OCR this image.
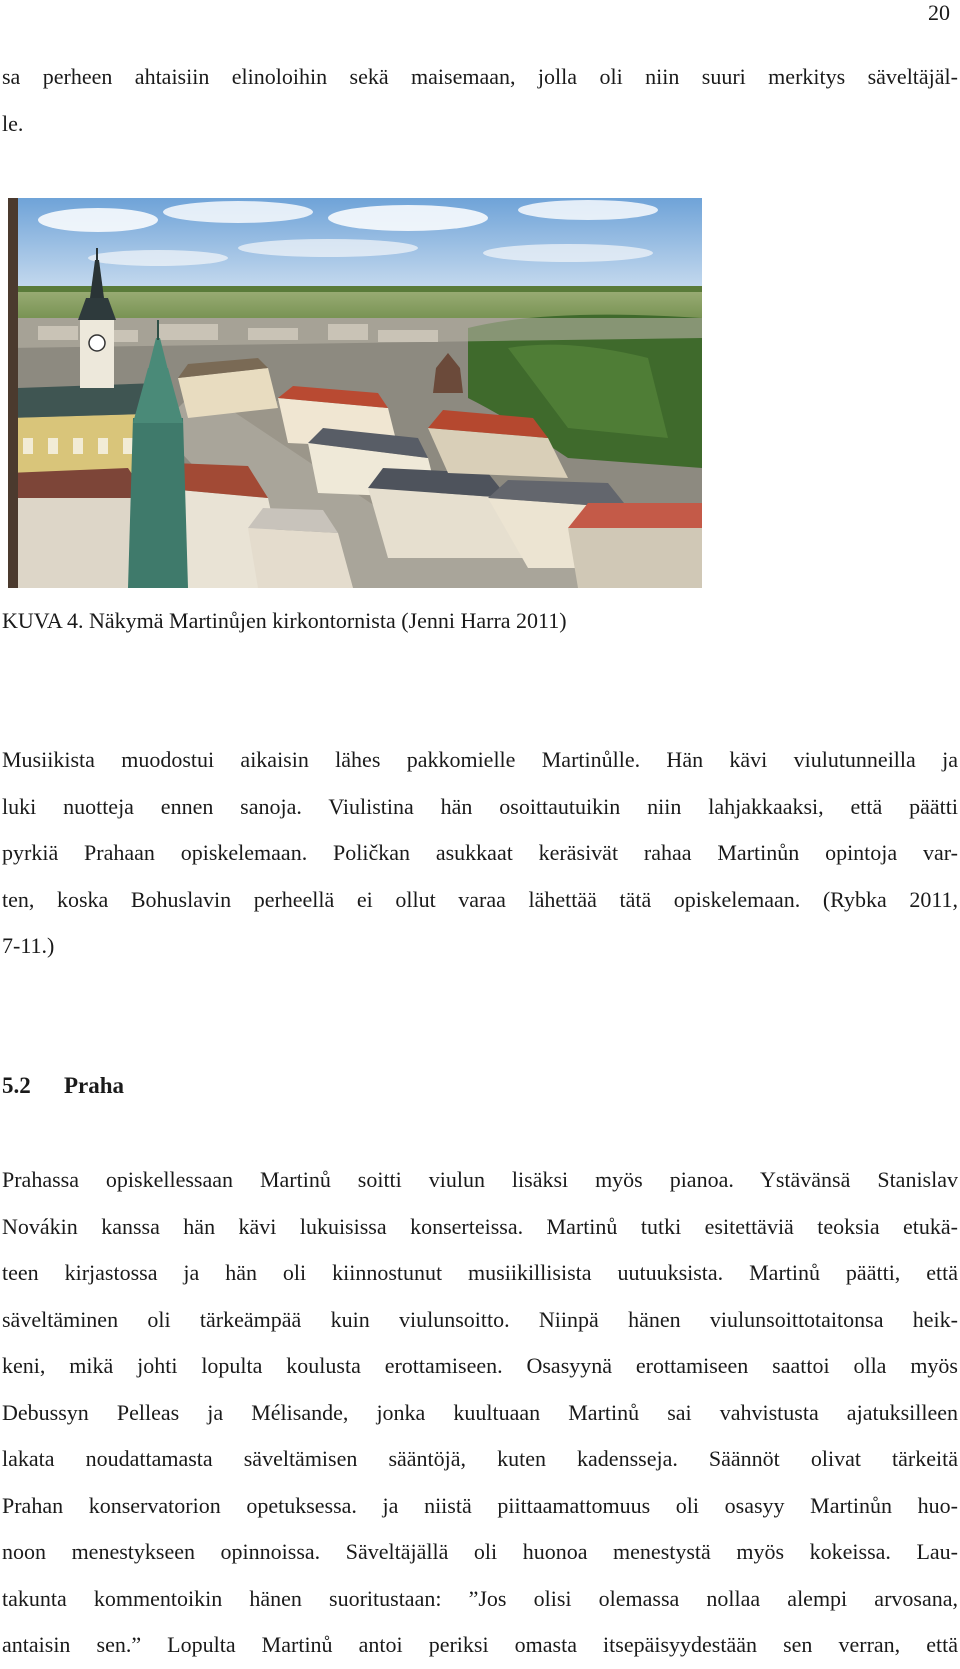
20

sa perheen ahtaisiin elinoloihin sekä maisemaan, jolla oli niin suuri merkitys säveltäjäl-
le.

KUVA 4. Näkymä Martinůjen kirkontornista (Jenni Harra 2011)

Musiikista muodostui aikaisin lähes pakkomielle Martinůlle. Hän kävi viulutunneilla ja
luki nuotteja ennen sanoja. Viulistina hän osoittautuikin niin lahjakkaaksi, että päätti
pyrkiä Prahaan opiskelemaan. Poličkan asukkaat keräsivät rahaa Martinůn opintoja var-
ten, koska Bohuslavin perheellä ei ollut varaa lähettää tätä opiskelemaan. (Rybka 2011,
7-11.)

5.2 Praha

Prahassa opiskellessaan Martinů soitti viulun lisäksi myös pianoa. Ystävänsä Stanislav
Novákin kanssa hän kävi lukuisissa konserteissa. Martinů tutki esitettäviä teoksia etukä-
teen kirjastossa ja hän oli kiinnostunut musiikillisista uutuuksista. Martinů päätti, että
säveltäminen oli tärkeämpää kuin viulunsoitto. Niinpä hänen viulunsoittotaitonsa heik-
keni, mikä johti lopulta koulusta erottamiseen. Osasyynä erottamiseen saattoi olla myös
Debussyn Pelleas ja Mélisande, jonka kuultuaan Martinů sai vahvistusta ajatuksilleen
lakata noudattamasta säveltämisen sääntöjä, kuten kadensseja. Säännöt olivat tärkeitä
Prahan konservatorion opetuksessa. ja niistä piittaamattomuus oli osasyy Martinůn huo-
noon menestykseen opinnoissa. Säveltäjällä oli huonoa menestystä myös kokeissa. Lau-
takunta kommentoikin hänen suoritustaan: ”Jos olisi olemassa nollaa alempi arvosana,
antaisin sen.” Lopulta Martinů antoi periksi omasta itsepäisyydestään sen verran, että
